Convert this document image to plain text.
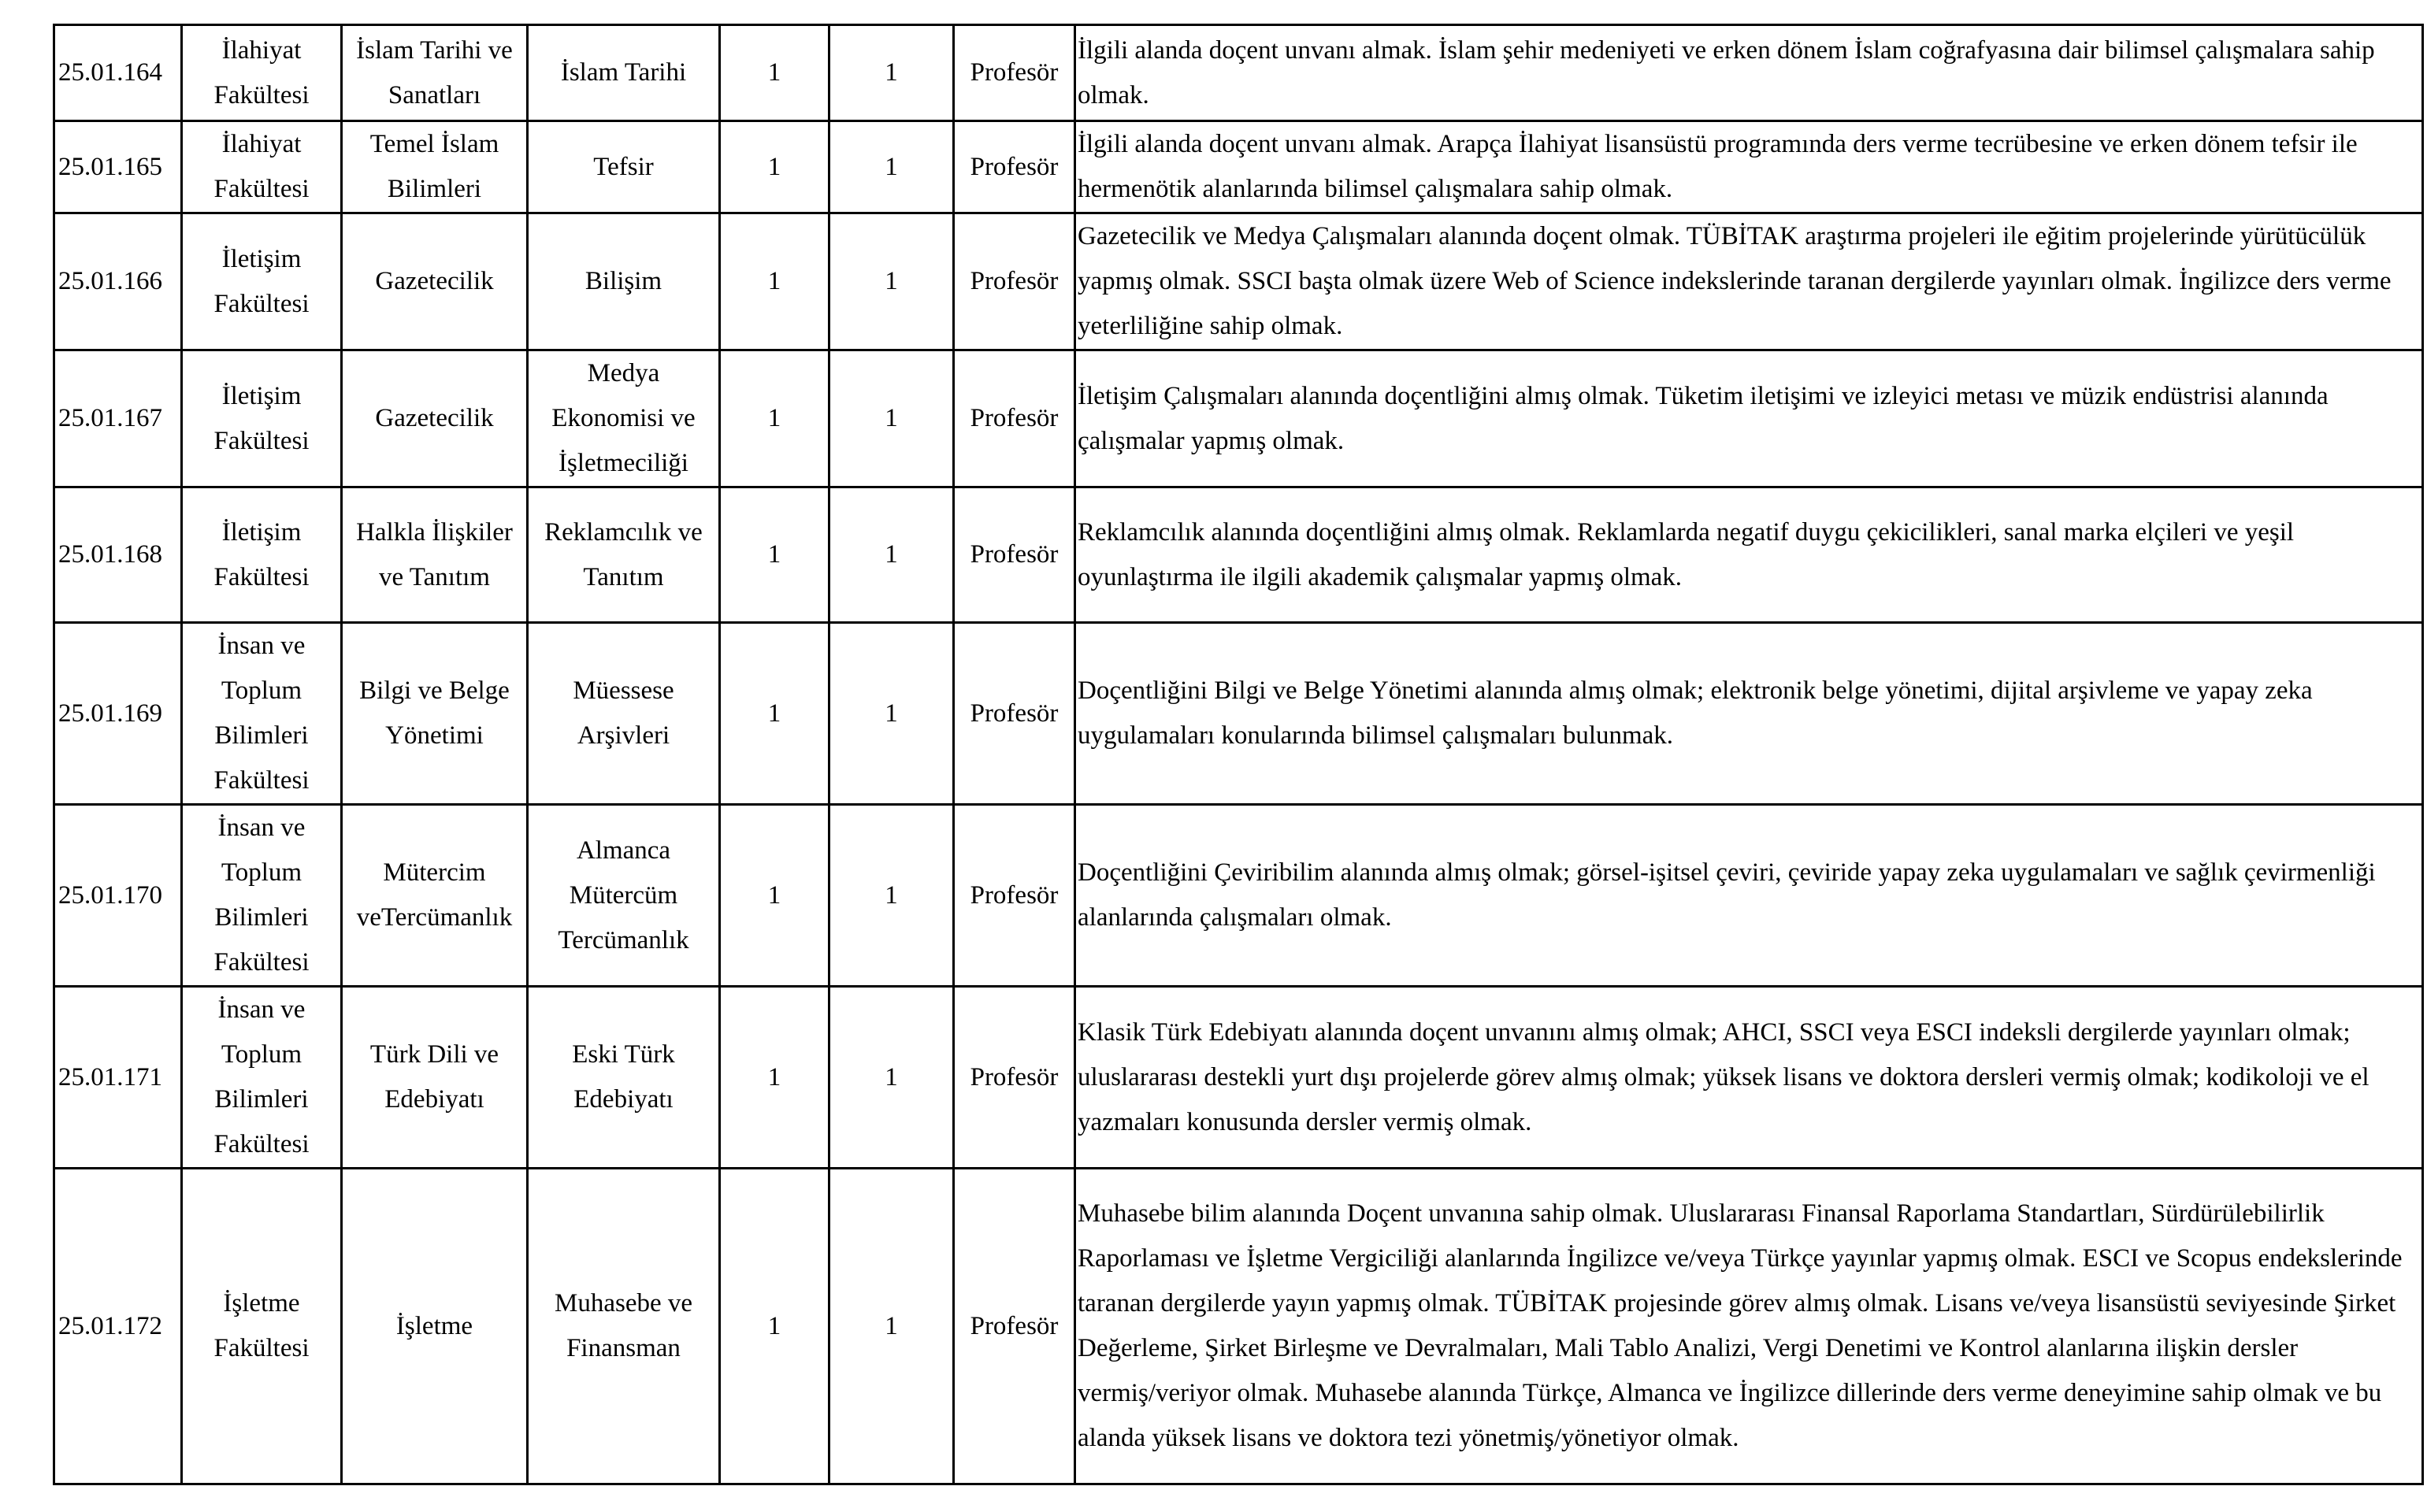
25.01.164	İlahiyat Fakültesi	İslam Tarihi ve Sanatları	İslam Tarihi	1	1	Profesör	İlgili alanda doçent unvanı almak. İslam şehir medeniyeti ve erken dönem İslam coğrafyasına dair bilimsel çalışmalara sahip olmak.
25.01.165	İlahiyat Fakültesi	Temel İslam Bilimleri	Tefsir	1	1	Profesör	İlgili alanda doçent unvanı almak. Arapça İlahiyat lisansüstü programında ders verme tecrübesine ve erken dönem tefsir ile hermenötik alanlarında bilimsel çalışmalara sahip olmak.
25.01.166	İletişim Fakültesi	Gazetecilik	Bilişim	1	1	Profesör	Gazetecilik ve Medya Çalışmaları alanında doçent olmak. TÜBİTAK araştırma projeleri ile eğitim projelerinde yürütücülük yapmış olmak. SSCI başta olmak üzere Web of Science indekslerinde taranan dergilerde yayınları olmak. İngilizce ders verme yeterliliğine sahip olmak.
25.01.167	İletişim Fakültesi	Gazetecilik	Medya Ekonomisi ve İşletmeciliği	1	1	Profesör	İletişim Çalışmaları alanında doçentliğini almış olmak. Tüketim iletişimi ve izleyici metası ve müzik endüstrisi alanında çalışmalar yapmış olmak.
25.01.168	İletişim Fakültesi	Halkla İlişkiler ve Tanıtım	Reklamcılık ve Tanıtım	1	1	Profesör	Reklamcılık alanında doçentliğini almış olmak. Reklamlarda negatif duygu çekicilikleri, sanal marka elçileri ve yeşil oyunlaştırma ile ilgili akademik çalışmalar yapmış olmak.
25.01.169	İnsan ve Toplum Bilimleri Fakültesi	Bilgi ve Belge Yönetimi	Müessese Arşivleri	1	1	Profesör	Doçentliğini Bilgi ve Belge Yönetimi alanında almış olmak; elektronik belge yönetimi, dijital arşivleme ve yapay zeka uygulamaları konularında bilimsel çalışmaları bulunmak.
25.01.170	İnsan ve Toplum Bilimleri Fakültesi	Mütercim veTercümanlık	Almanca Mütercüm Tercümanlık	1	1	Profesör	Doçentliğini Çeviribilim alanında almış olmak; görsel-işitsel çeviri, çeviride yapay zeka uygulamaları ve sağlık çevirmenliği alanlarında çalışmaları olmak.
25.01.171	İnsan ve Toplum Bilimleri Fakültesi	Türk Dili ve Edebiyatı	Eski Türk Edebiyatı	1	1	Profesör	Klasik Türk Edebiyatı alanında doçent unvanını almış olmak; AHCI, SSCI veya ESCI indeksli dergilerde yayınları olmak; uluslararası destekli yurt dışı projelerde görev almış olmak; yüksek lisans ve doktora dersleri vermiş olmak; kodikoloji ve el yazmaları konusunda dersler vermiş olmak.
25.01.172	İşletme Fakültesi	İşletme	Muhasebe ve Finansman	1	1	Profesör	Muhasebe bilim alanında Doçent unvanına sahip olmak. Uluslararası Finansal Raporlama Standartları, Sürdürülebilirlik Raporlaması ve İşletme Vergiciliği alanlarında İngilizce ve/veya Türkçe yayınlar yapmış olmak. ESCI ve Scopus endekslerinde taranan dergilerde yayın yapmış olmak. TÜBİTAK projesinde görev almış olmak. Lisans ve/veya lisansüstü seviyesinde Şirket Değerleme, Şirket Birleşme ve Devralmaları, Mali Tablo Analizi, Vergi Denetimi ve Kontrol alanlarına ilişkin dersler vermiş/veriyor olmak. Muhasebe alanında Türkçe, Almanca ve İngilizce dillerinde ders verme deneyimine sahip olmak ve bu alanda yüksek lisans ve doktora tezi yönetmiş/yönetiyor olmak.
